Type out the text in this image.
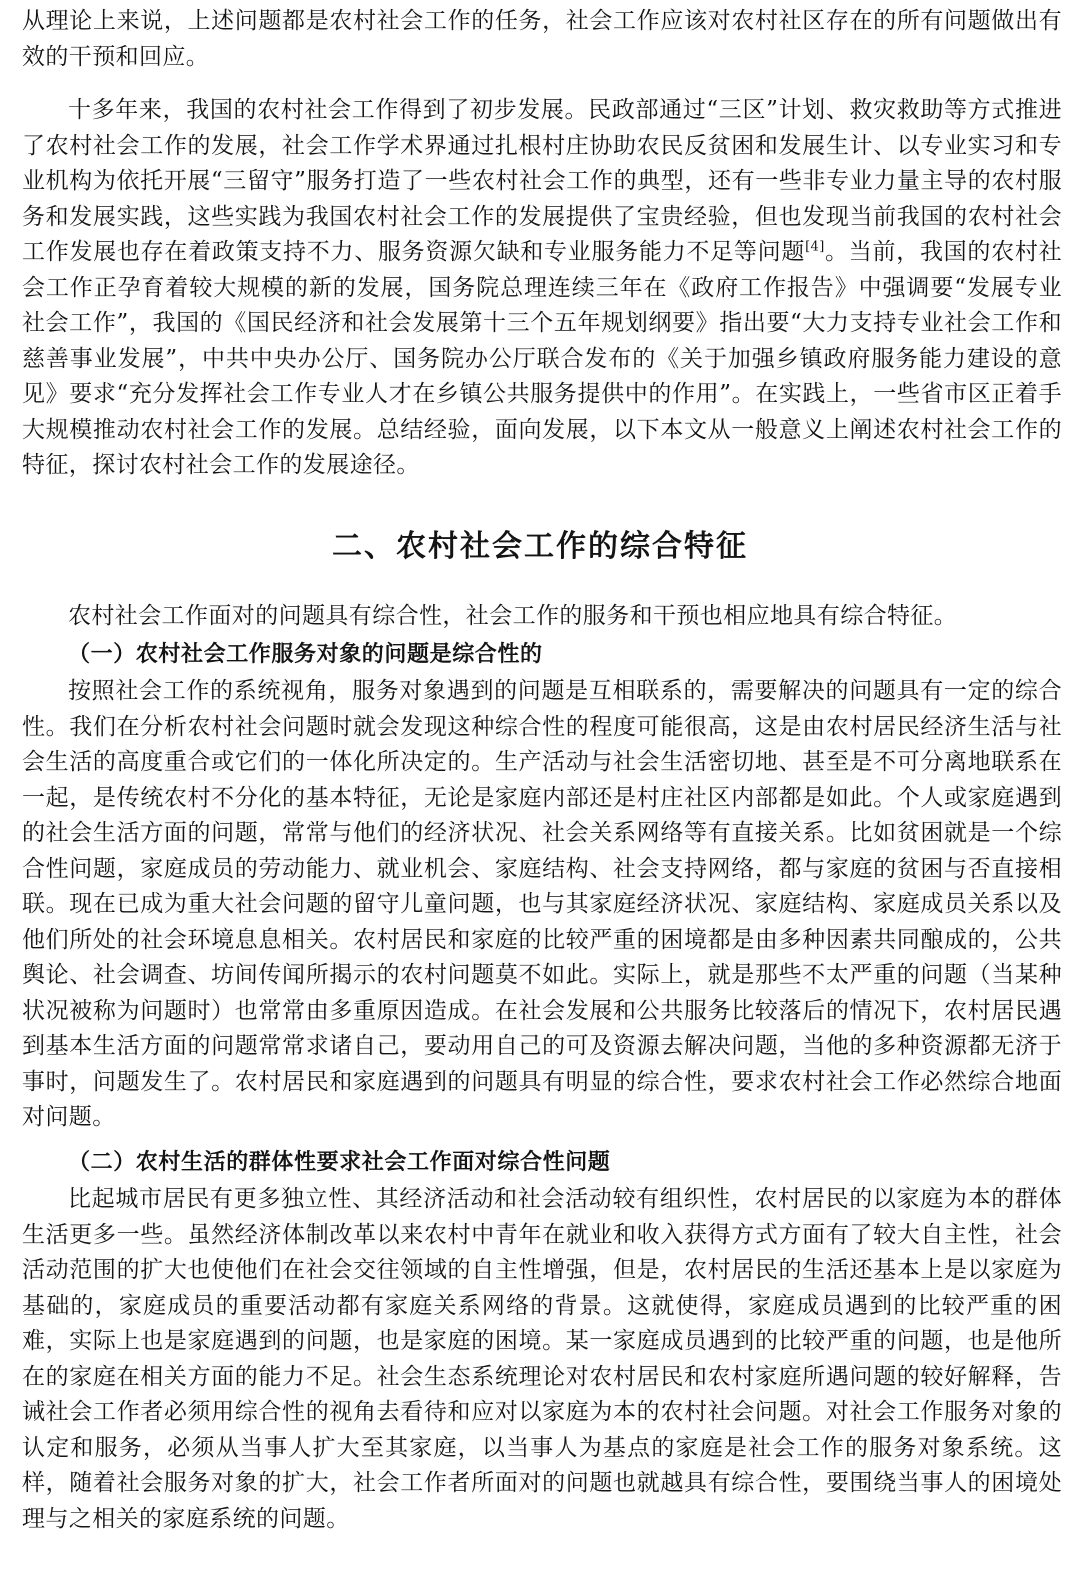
从理论上来说，上述问题都是农村社会工作的任务，社会工作应该对农村社区存在的所有问题做出有效的干预和回应。

十多年来，我国的农村社会工作得到了初步发展。民政部通过“三区”计划、救灾救助等方式推进了农村社会工作的发展，社会工作学术界通过扎根村庄协助农民反贫困和发展生计、以专业实习和专业机构为依托开展“三留守”服务打造了一些农村社会工作的典型，还有一些非专业力量主导的农村服务和发展实践，这些实践为我国农村社会工作的发展提供了宝贵经验，但也发现当前我国的农村社会工作发展也存在着政策支持不力、服务资源欠缺和专业服务能力不足等问题[4]。当前，我国的农村社会工作正孕育着较大规模的新的发展，国务院总理连续三年在《政府工作报告》中强调要“发展专业社会工作”，我国的《国民经济和社会发展第十三个五年规划纲要》指出要“大力支持专业社会工作和慈善事业发展”，中共中央办公厅、国务院办公厅联合发布的《关于加强乡镇政府服务能力建设的意见》要求“充分发挥社会工作专业人才在乡镇公共服务提供中的作用”。在实践上，一些省市区正着手大规模推动农村社会工作的发展。总结经验，面向发展，以下本文从一般意义上阐述农村社会工作的特征，探讨农村社会工作的发展途径。

二、农村社会工作的综合特征

农村社会工作面对的问题具有综合性，社会工作的服务和干预也相应地具有综合特征。

（一）农村社会工作服务对象的问题是综合性的

按照社会工作的系统视角，服务对象遇到的问题是互相联系的，需要解决的问题具有一定的综合性。我们在分析农村社会问题时就会发现这种综合性的程度可能很高，这是由农村居民经济生活与社会生活的高度重合或它们的一体化所决定的。生产活动与社会生活密切地、甚至是不可分离地联系在一起，是传统农村不分化的基本特征，无论是家庭内部还是村庄社区内部都是如此。个人或家庭遇到的社会生活方面的问题，常常与他们的经济状况、社会关系网络等有直接关系。比如贫困就是一个综合性问题，家庭成员的劳动能力、就业机会、家庭结构、社会支持网络，都与家庭的贫困与否直接相联。现在已成为重大社会问题的留守儿童问题，也与其家庭经济状况、家庭结构、家庭成员关系以及他们所处的社会环境息息相关。农村居民和家庭的比较严重的困境都是由多种因素共同酿成的，公共舆论、社会调查、坊间传闻所揭示的农村问题莫不如此。实际上，就是那些不太严重的问题（当某种状况被称为问题时）也常常由多重原因造成。在社会发展和公共服务比较落后的情况下，农村居民遇到基本生活方面的问题常常求诸自己，要动用自己的可及资源去解决问题，当他的多种资源都无济于事时，问题发生了。农村居民和家庭遇到的问题具有明显的综合性，要求农村社会工作必然综合地面对问题。

（二）农村生活的群体性要求社会工作面对综合性问题

比起城市居民有更多独立性、其经济活动和社会活动较有组织性，农村居民的以家庭为本的群体生活更多一些。虽然经济体制改革以来农村中青年在就业和收入获得方式方面有了较大自主性，社会活动范围的扩大也使他们在社会交往领域的自主性增强，但是，农村居民的生活还基本上是以家庭为基础的，家庭成员的重要活动都有家庭关系网络的背景。这就使得，家庭成员遇到的比较严重的困难，实际上也是家庭遇到的问题，也是家庭的困境。某一家庭成员遇到的比较严重的问题，也是他所在的家庭在相关方面的能力不足。社会生态系统理论对农村居民和农村家庭所遇问题的较好解释，告诫社会工作者必须用综合性的视角去看待和应对以家庭为本的农村社会问题。对社会工作服务对象的认定和服务，必须从当事人扩大至其家庭，以当事人为基点的家庭是社会工作的服务对象系统。这样，随着社会服务对象的扩大，社会工作者所面对的问题也就越具有综合性，要围绕当事人的困境处理与之相关的家庭系统的问题。
